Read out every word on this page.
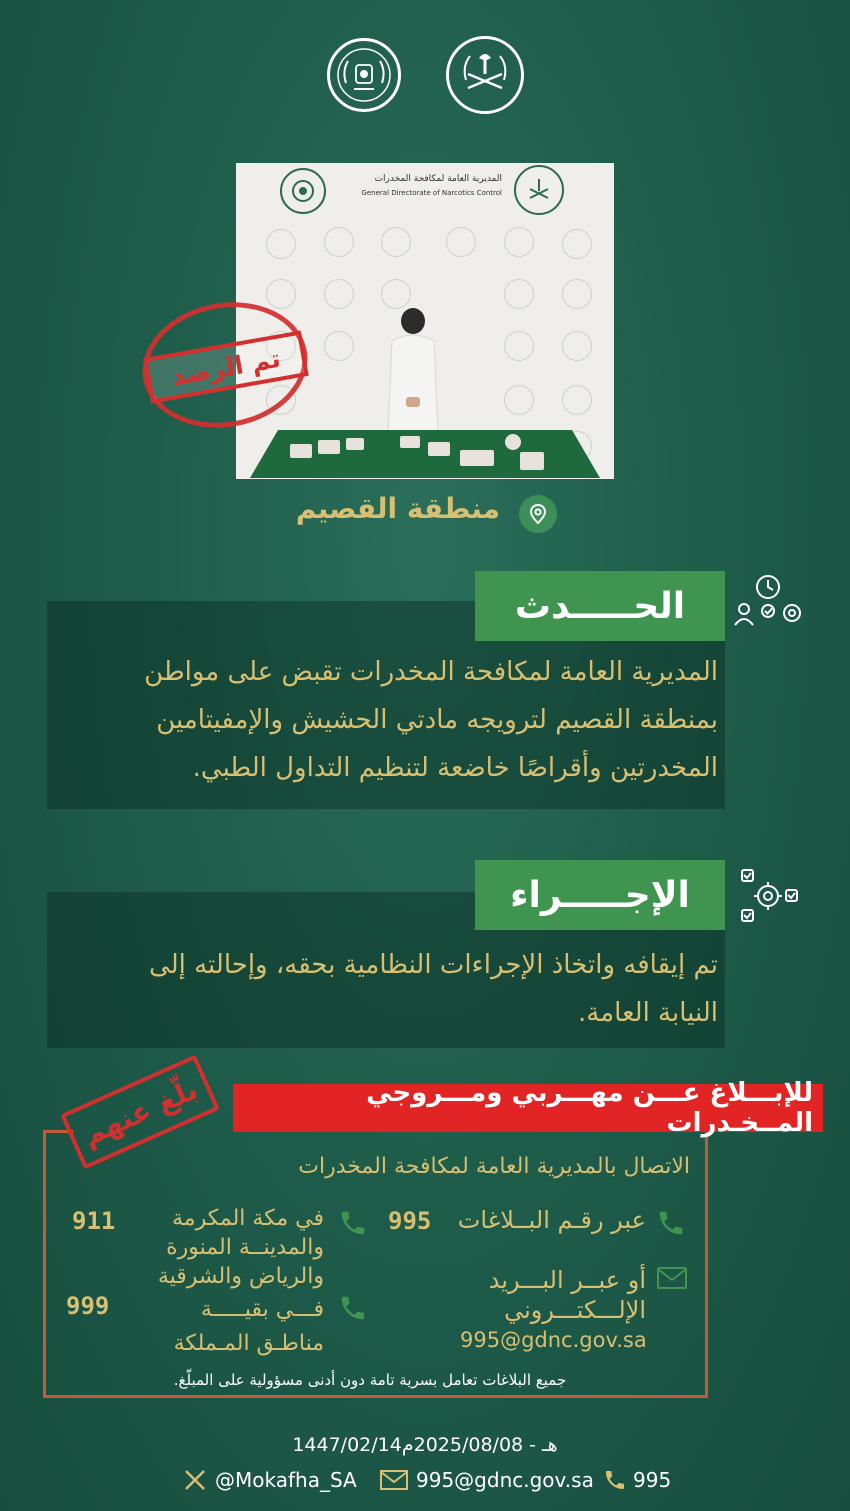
المديرية العامة لمكافحة المخدرات
General Directorate of Narcotics Control
تم الرصد
منطقة القصيم
الحـــــدث
المديرية العامة لمكافحة المخدرات تقبض على مواطن
بمنطقة القصيم لترويجه مادتي الحشيش والإمفيتامين
المخدرتين وأقراصًا خاضعة لتنظيم التداول الطبي.
الإجـــــراء
تم إيقافه واتخاذ الإجراءات النظامية بحقه، وإحالته إلى
النيابة العامة.
للإبـــلاغ عـــن مهـــربي ومـــروجي المــخـدرات
بلّغ عنهم
الاتصال بالمديرية العامة لمكافحة المخدرات
عبر رقـم البــلاغات
995
أو عبــر البـــريد
الإلـــكتـــروني
995@gdnc.gov.sa
في مكة المكرمة
والمدينــة المنورة
والرياض والشرقية
911
فـــي بقيـــــة
مناطـق المـملكة
999
جميع البلاغات تعامل بسرية تامة دون أدنى مسؤولية على المبلّغ.
1447/02/14هـ - 2025/08/08م
995
995@gdnc.gov.sa
@Mokafha_SA
